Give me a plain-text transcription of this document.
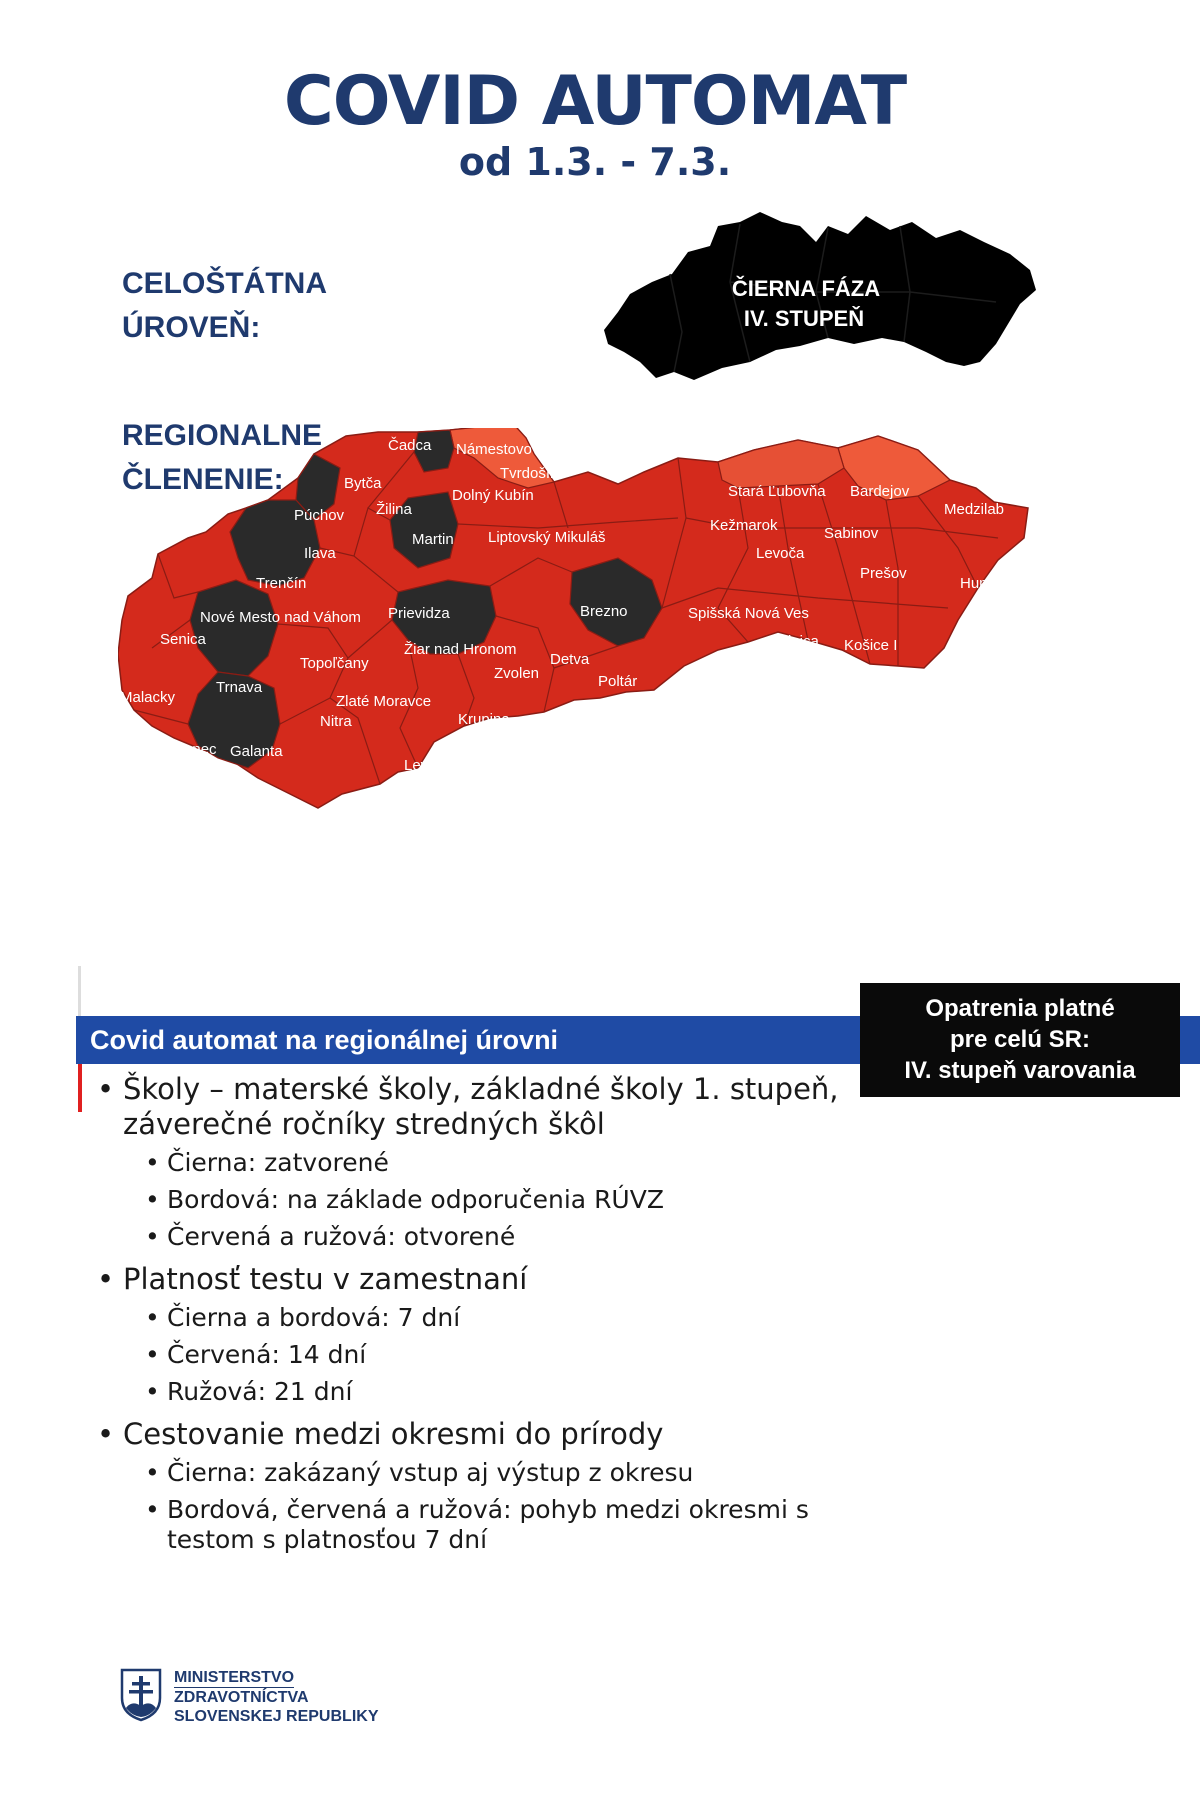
COVID AUTOMAT
od 1.3. - 7.3.
CELOŠTÁTNA
ÚROVEŇ:
REGIONALNE
ČLENENIE:
ČIERNA FÁZA
IV. STUPEŇ
Čadca Námestovo
Tvrdošín
Bytča
Žilina
Dolný Kubín
Púchov
Martin Liptovský Mikuláš
Ilava
Trenčín
Nové Mesto nad Váhom Prievidza
Senica
Žiar nad Hronom
Detva
Brezno
Topoľčany
Zvolen
Trnava
Malacky	Zlaté Moravce
Poltár
Nitra	Krupina
Rimavská Sobota
Senec Galanta	Veľký Krtíš
Levice
slava V
najská Streda
Komárno
Stará Ľubovňa Bardejov
Medzilab
Kežmarok	Sabinov
Levoča
Prešov
Humenné Snina
Spišská Nová Ves
Gelnica Košice I
Rožňava Košice - okolie
Michalovce
Trebišov
Covid automat na regionálnej úrovni
Opatrenia platné
pre celú SR:
IV. stupeň varovania
• Školy – materské školy, základné školy 1. stupeň, záverečné ročníky stredných škôl
• Čierna: zatvorené
• Bordová: na základe odporučenia RÚVZ
• Červená a ružová: otvorené
• Platnosť testu v zamestnaní
• Čierna a bordová: 7 dní
• Červená: 14 dní
• Ružová: 21 dní
• Cestovanie medzi okresmi do prírody
• Čierna: zakázaný vstup aj výstup z okresu
• Bordová, červená a ružová: pohyb medzi okresmi s testom s platnosťou 7 dní
MINISTERSTVO
ZDRAVOTNÍCTVA
SLOVENSKEJ REPUBLIKY
